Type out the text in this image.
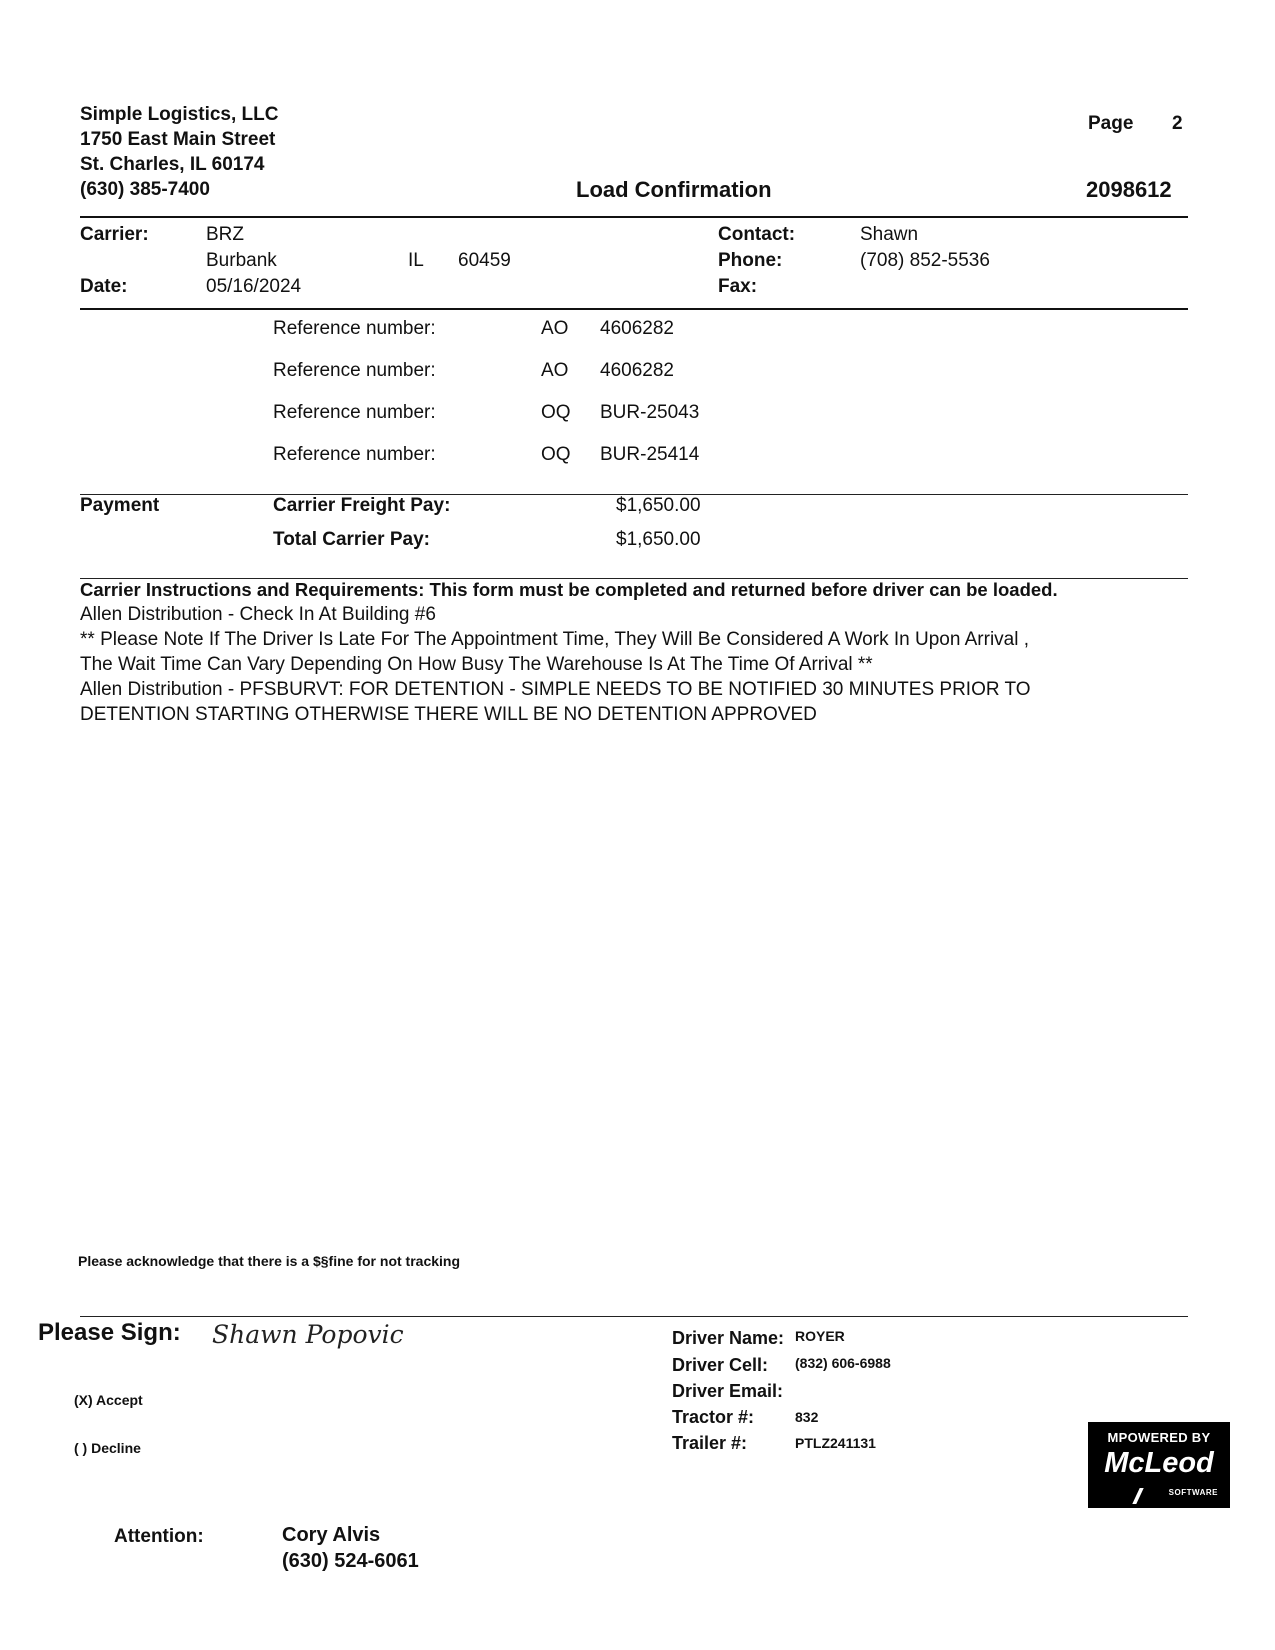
Simple Logistics, LLC
1750 East Main Street
St. Charles, IL 60174
(630) 385-7400
Page 2
Load Confirmation	2098612
Carrier:	BRZ
Burbank	IL 60459
Date:	05/16/2024
Contact:	Shawn
Phone:	(708) 852-5536
Fax:
Reference number:	AO 4606282
Reference number:	AO 4606282
Reference number:	OQ BUR-25043
Reference number:	OQ BUR-25414
Payment	Carrier Freight Pay:	$1,650.00
Total Carrier Pay:	$1,650.00
Carrier Instructions and Requirements: This form must be completed and returned before driver can be loaded.
Allen Distribution - Check In At Building #6
** Please Note If The Driver Is Late For The Appointment Time, They Will Be Considered A Work In Upon Arrival ,
The Wait Time Can Vary Depending On How Busy The Warehouse Is At The Time Of Arrival **
Allen Distribution - PFSBURVT: FOR DETENTION - SIMPLE NEEDS TO BE NOTIFIED 30 MINUTES PRIOR TO
DETENTION STARTING OTHERWISE THERE WILL BE NO DETENTION APPROVED
Please acknowledge that there is a $§fine for not tracking
Please Sign: Shawn Popovic
(X) Accept
( ) Decline
Driver Name: ROYER
Driver Cell: (832) 606-6988
Driver Email:
Tractor #:	832
Trailer #:	PTLZ241131	MPOWERED BY
McLeod
SOFTWARE
Attention:	Cory Alvis
(630) 524-6061
